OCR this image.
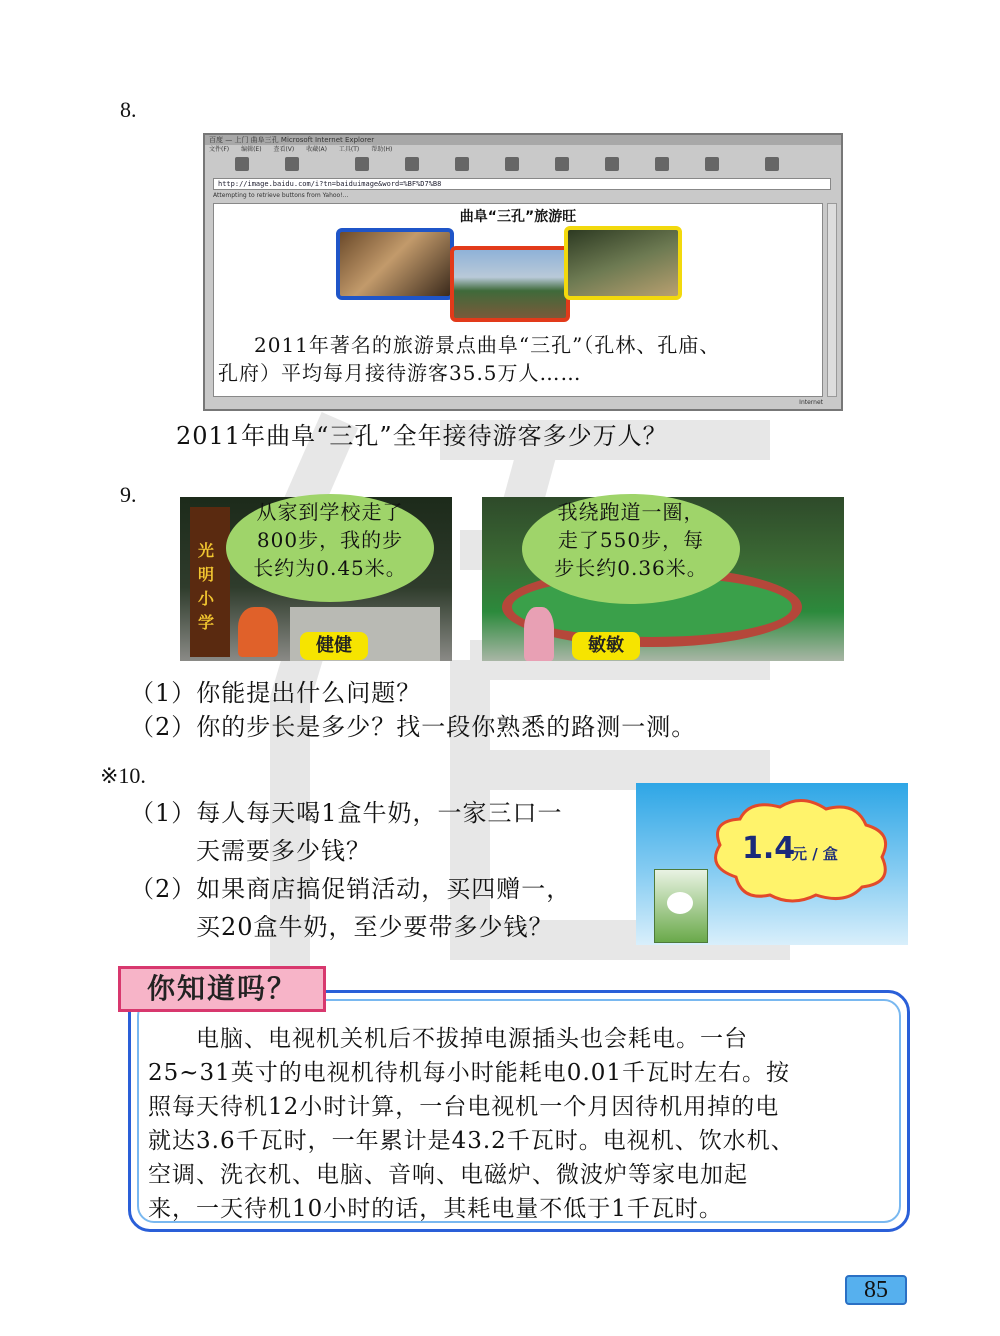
8.
百度 — 上门 曲阜三孔 Microsoft Internet Explorer
文件(F) 编辑(E) 查看(V) 收藏(A) 工具(T) 帮助(H)
http://image.baidu.com/i?tn=baiduimage&word=%BF%D7%B8
Attempting to retrieve buttons from Yahoo!...
曲阜“三孔”旅游旺
2011年著名的旅游景点曲阜“三孔”（孔林、孔庙、
孔府）平均每月接待游客35.5万人……
Internet
2011年曲阜“三孔”全年接待游客多少万人？
9.
光明小学
从家到学校走了
800步，我的步
长约为0.45米。
健健
我绕跑道一圈，
走了550步，每
步长约0.36米。
敏敏
（1）你能提出什么问题？
（2）你的步长是多少？找一段你熟悉的路测一测。
※10.
（1）每人每天喝1盒牛奶，一家三口一
天需要多少钱？
（2）如果商店搞促销活动，买四赠一，
买20盒牛奶，至少要带多少钱？
1.4
元 / 盒
你知道吗？
　　电脑、电视机关机后不拔掉电源插头也会耗电。一台
25~31英寸的电视机待机每小时能耗电0.01千瓦时左右。按
照每天待机12小时计算，一台电视机一个月因待机用掉的电
就达3.6千瓦时，一年累计是43.2千瓦时。电视机、饮水机、
空调、洗衣机、电脑、音响、电磁炉、微波炉等家电加起
来，一天待机10小时的话，其耗电量不低于1千瓦时。
85
